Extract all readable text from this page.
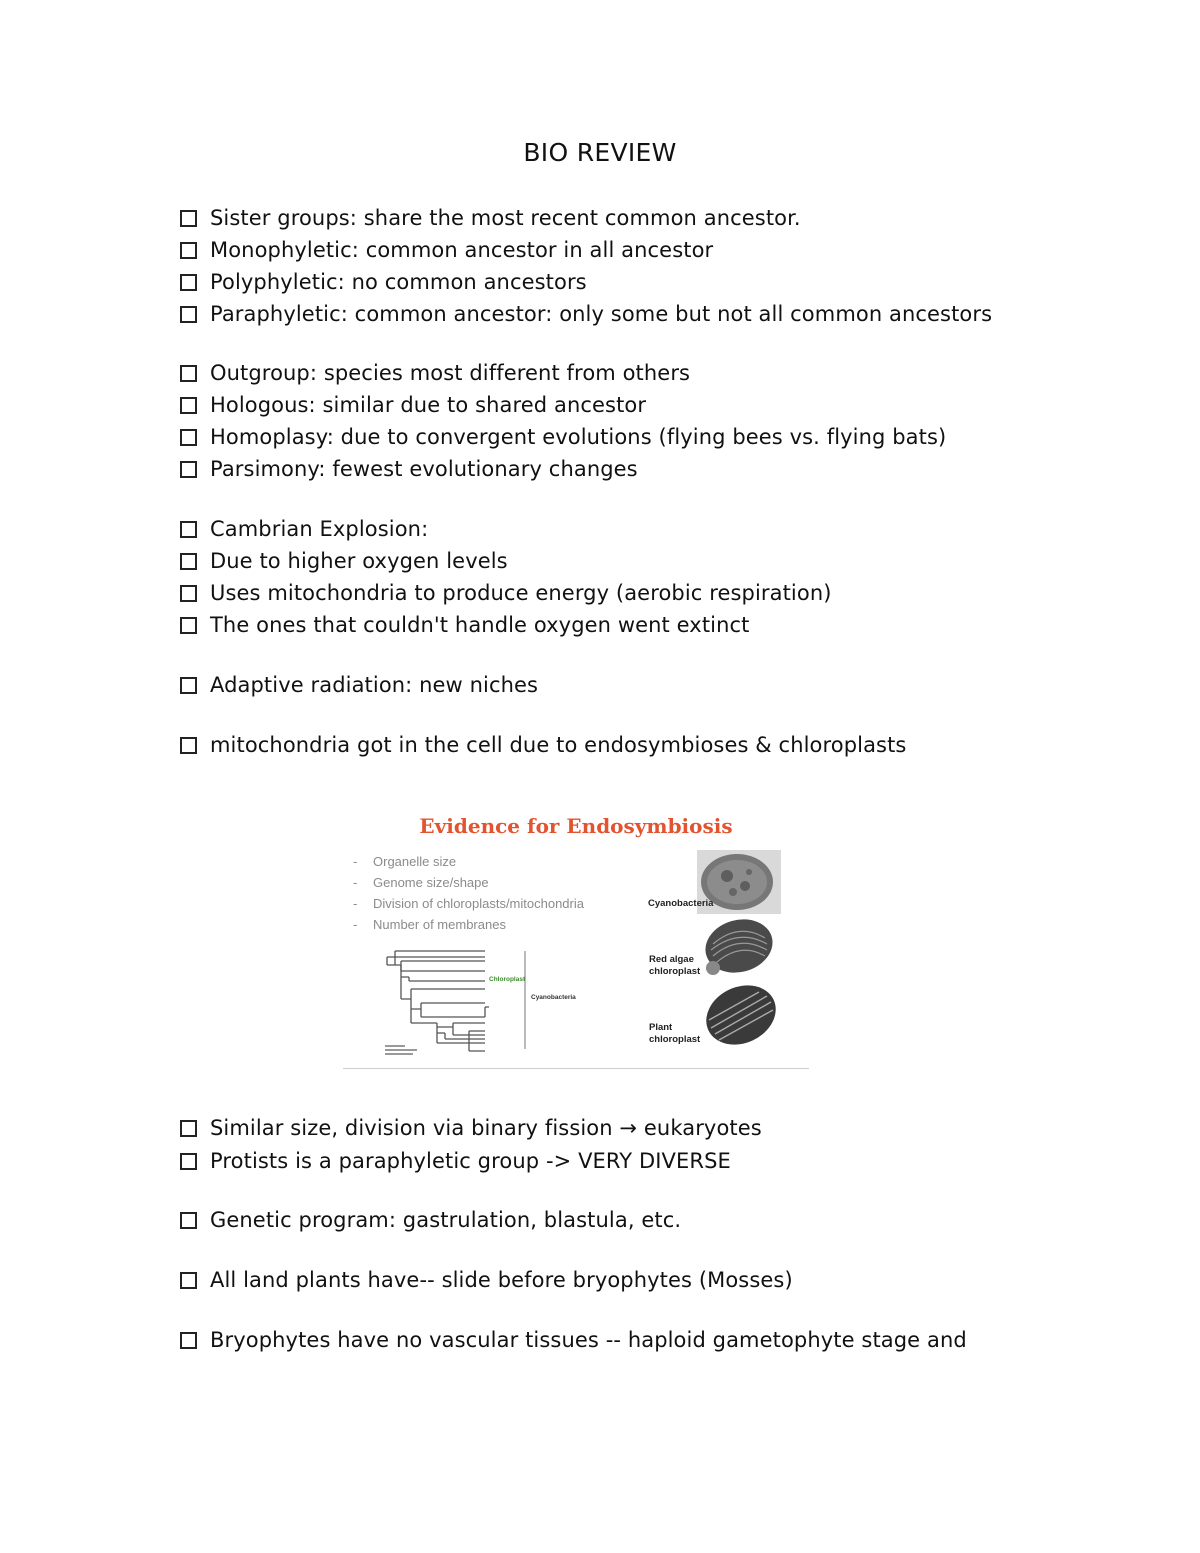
BIO REVIEW
Sister groups: share the most recent common ancestor.
Monophyletic: common ancestor in all ancestor
Polyphyletic: no common ancestors
Paraphyletic: common ancestor: only some but not all common ancestors
Outgroup: species most different from others
Hologous: similar due to shared ancestor
Homoplasy: due to convergent evolutions (flying bees vs. flying bats)
Parsimony: fewest evolutionary changes
Cambrian Explosion:
Due to higher oxygen levels
Uses mitochondria to produce energy (aerobic respiration)
The ones that couldn't handle oxygen went extinct
Adaptive radiation: new niches
mitochondria got in the cell due to endosymbioses & chloroplasts
Evidence for Endosymbiosis
-	Organelle size
-	Genome size/shape
-	Division of chloroplasts/mitochondria
-	Number of membranes
Chloroplast
Cyanobacteria
Cyanobacteria
Red algae
chloroplast
Plant
chloroplast
Similar size, division via binary fission → eukaryotes
Protists is a paraphyletic group -> VERY DIVERSE
Genetic program: gastrulation, blastula, etc.
All land plants have-- slide before bryophytes (Mosses)
Bryophytes have no vascular tissues -- haploid gametophyte stage and
